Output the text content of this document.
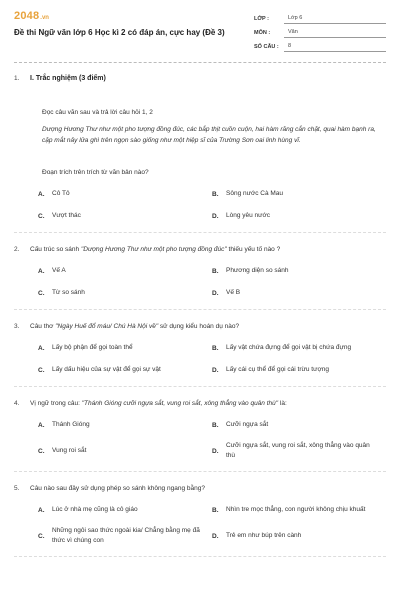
2048 .vn
Đề thi Ngữ văn lớp 6 Học kì 2 có đáp án, cực hay (Đề 3)
LỚP :	Lớp 6
MÔN :	Văn
SỐ CÂU :	8
1.	I. Trắc nghiệm (3 điểm)
Đọc câu văn sau và trả lời câu hỏi 1, 2
Dượng Hương Thư như một pho tượng đồng đúc, các bắp thịt cuồn cuộn, hai hàm răng cắn chặt, quai hàm bạnh ra, cặp mắt nảy lửa ghì trên ngọn sào giống như một hiệp sĩ của Trường Sơn oai linh hùng vĩ.
Đoạn trích trên trích từ văn bản nào?
A.	Cô Tô	B.	Sông nước Cà Mau
C.	Vượt thác	D.	Lòng yêu nước
2.	Cấu trúc so sánh "Dượng Hương Thư như một pho tượng đồng đúc" thiếu yếu tố nào ?
A.	Vế A	B.	Phương diện so sánh
C.	Từ so sánh	D.	Vế B
3.	Câu thơ "Ngày Huế đổ máu/ Chú Hà Nội về" sử dụng kiểu hoán dụ nào?
A.	Lấy bộ phận để gọi toàn thể	B.	Lấy vật chứa đựng để gọi vật bị chứa đựng
C.	Lấy dấu hiệu của sự vật để gọi sự vật	D.	Lấy cái cụ thể để gọi cái trừu tượng
4.	Vị ngữ trong câu: "Thánh Gióng cưỡi ngựa sắt, vung roi sắt, xông thẳng vào quân thù" là:
A.	Thánh Gióng	B.	Cưỡi ngựa sắt
C.	Vung roi sắt	D.
Cưỡi ngựa sắt, vung roi sắt, xông thẳng vào quân thù
5.	Câu nào sau đây sử dụng phép so sánh không ngang bằng?
A.	Lúc ở nhà mẹ cũng là cô giáo	B.	Nhìn tre mọc thẳng, con người không chịu khuất
C.
Những ngôi sao thức ngoài kia/ Chẳng bằng mẹ đã thức vì chúng con
D.	Trẻ em như búp trên cành
